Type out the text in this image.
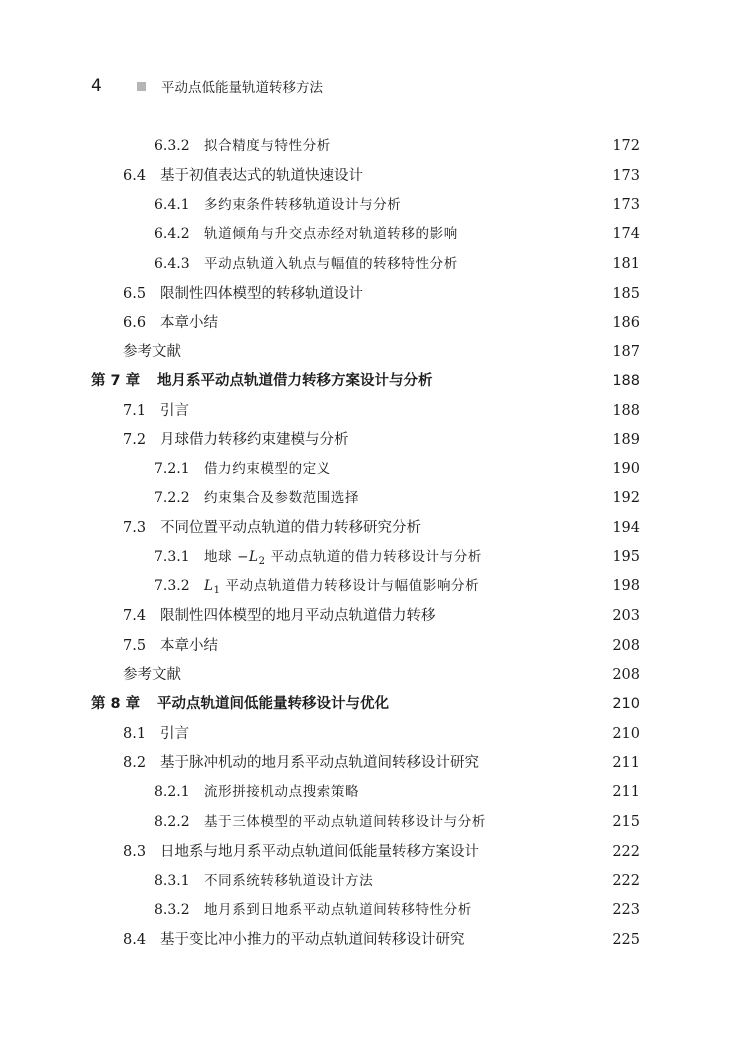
4	平动点低能量轨道转移方法
6.3.2 拟合精度与特性分析	172
6.4 基于初值表达式的轨道快速设计	173
6.4.1 多约束条件转移轨道设计与分析	173
6.4.2 轨道倾角与升交点赤经对轨道转移的影响	174
6.4.3 平动点轨道入轨点与幅值的转移特性分析	181
6.5 限制性四体模型的转移轨道设计	185
6.6 本章小结	186
参考文献	187
第 7 章 地月系平动点轨道借力转移方案设计与分析	188
7.1 引言	188
7.2 月球借力转移约束建模与分析	189
7.2.1 借力约束模型的定义	190
7.2.2 约束集合及参数范围选择	192
7.3 不同位置平动点轨道的借力转移研究分析	194
7.3.1 地球 $-L_2$ 平动点轨道的借力转移设计与分析	195
7.3.2 $L_1$ 平动点轨道借力转移设计与幅值影响分析	198
7.4 限制性四体模型的地月平动点轨道借力转移	203
7.5 本章小结	208
参考文献	208
第 8 章 平动点轨道间低能量转移设计与优化	210
8.1 引言	210
8.2 基于脉冲机动的地月系平动点轨道间转移设计研究	211
8.2.1 流形拼接机动点搜索策略	211
8.2.2 基于三体模型的平动点轨道间转移设计与分析	215
8.3 日地系与地月系平动点轨道间低能量转移方案设计	222
8.3.1 不同系统转移轨道设计方法	222
8.3.2 地月系到日地系平动点轨道间转移特性分析	223
8.4 基于变比冲小推力的平动点轨道间转移设计研究	225
